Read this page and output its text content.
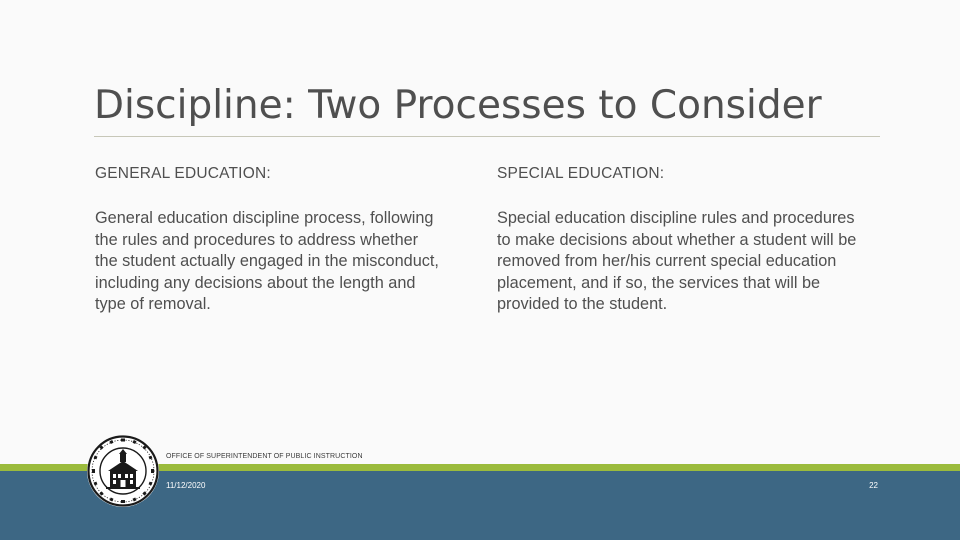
Discipline: Two Processes to Consider

GENERAL EDUCATION:

General education discipline process, following the rules and procedures to address whether the student actually engaged in the misconduct, including any decisions about the length and type of removal.

SPECIAL EDUCATION:

Special education discipline rules and procedures to make decisions about whether a student will be removed from her/his current special education placement, and if so, the services that will be provided to the student.

OFFICE OF SUPERINTENDENT OF PUBLIC INSTRUCTION
11/12/2020	22
